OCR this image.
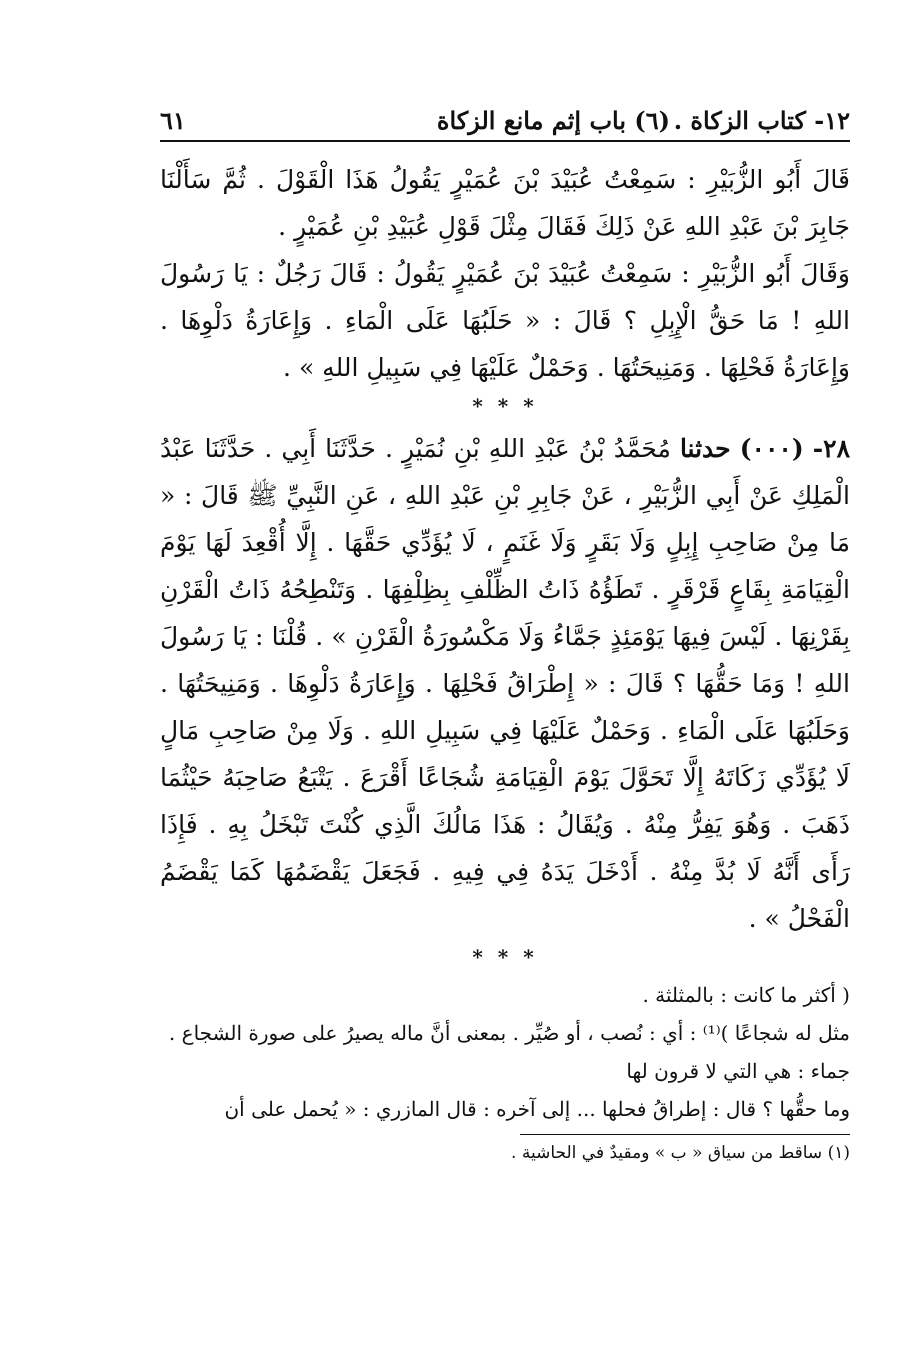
١٢- كتاب الزكاة .
(٦) باب إثم مانع الزكاة
٦١

قَالَ أَبُو الزُّبَيْرِ : سَمِعْتُ عُبَيْدَ بْنَ عُمَيْرٍ يَقُولُ هَذَا الْقَوْلَ . ثُمَّ سَأَلْنَا جَابِرَ بْنَ عَبْدِ اللهِ عَنْ ذَلِكَ فَقَالَ مِثْلَ قَوْلِ عُبَيْدِ بْنِ عُمَيْرٍ .

وَقَالَ أَبُو الزُّبَيْرِ : سَمِعْتُ عُبَيْدَ بْنَ عُمَيْرٍ يَقُولُ : قَالَ رَجُلٌ : يَا رَسُولَ اللهِ ! مَا حَقُّ الْإِبِلِ ؟ قَالَ : « حَلَبُهَا عَلَى الْمَاءِ . وَإِعَارَةُ دَلْوِهَا . وَإِعَارَةُ فَحْلِهَا . وَمَنِيحَتُهَا . وَحَمْلٌ عَلَيْهَا فِي سَبِيلِ اللهِ » .

* * *

٢٨- (٠٠٠) حدثنا مُحَمَّدُ بْنُ عَبْدِ اللهِ بْنِ نُمَيْرٍ . حَدَّثَنَا أَبِي . حَدَّثَنَا عَبْدُ الْمَلِكِ عَنْ أَبِي الزُّبَيْرِ ، عَنْ جَابِرِ بْنِ عَبْدِ اللهِ ، عَنِ النَّبِيِّ ﷺ قَالَ : « مَا مِنْ صَاحِبِ إِبِلٍ وَلَا بَقَرٍ وَلَا غَنَمٍ ، لَا يُؤَدِّي حَقَّهَا . إِلَّا أُقْعِدَ لَهَا يَوْمَ الْقِيَامَةِ بِقَاعٍ قَرْقَرٍ . تَطَؤُهُ ذَاتُ الظِّلْفِ بِظِلْفِهَا . وَتَنْطِحُهُ ذَاتُ الْقَرْنِ بِقَرْنِهَا . لَيْسَ فِيهَا يَوْمَئِذٍ جَمَّاءُ وَلَا مَكْسُورَةُ الْقَرْنِ » . قُلْنَا : يَا رَسُولَ اللهِ ! وَمَا حَقُّهَا ؟ قَالَ : « إِطْرَاقُ فَحْلِهَا . وَإِعَارَةُ دَلْوِهَا . وَمَنِيحَتُهَا . وَحَلَبُهَا عَلَى الْمَاءِ . وَحَمْلٌ عَلَيْهَا فِي سَبِيلِ اللهِ . وَلَا مِنْ صَاحِبِ مَالٍ لَا يُؤَدِّي زَكَاتَهُ إِلَّا تَحَوَّلَ يَوْمَ الْقِيَامَةِ شُجَاعًا أَقْرَعَ . يَتْبَعُ صَاحِبَهُ حَيْثُمَا ذَهَبَ . وَهُوَ يَفِرُّ مِنْهُ . وَيُقَالُ : هَذَا مَالُكَ الَّذِي كُنْتَ تَبْخَلُ بِهِ . فَإِذَا رَأَى أَنَّهُ لَا بُدَّ مِنْهُ . أَدْخَلَ يَدَهُ فِي فِيهِ . فَجَعَلَ يَقْضَمُهَا كَمَا يَقْضَمُ الْفَحْلُ » .

* * *

( أكثر ما كانت : بالمثلثة .

مثل له شجاعًا )⁽¹⁾ : أي : نُصب ، أو صُيِّر . بمعنى أنَّ ماله يصيرُ على صورة الشجاع .

جماء : هي التي لا قرون لها

وما حقُّها ؟ قال : إطراقُ فحلها ... إلى آخره : قال المازري : « يُحمل على أن

(١) ساقط من سياق « ب » ومقيدٌ في الحاشية .
